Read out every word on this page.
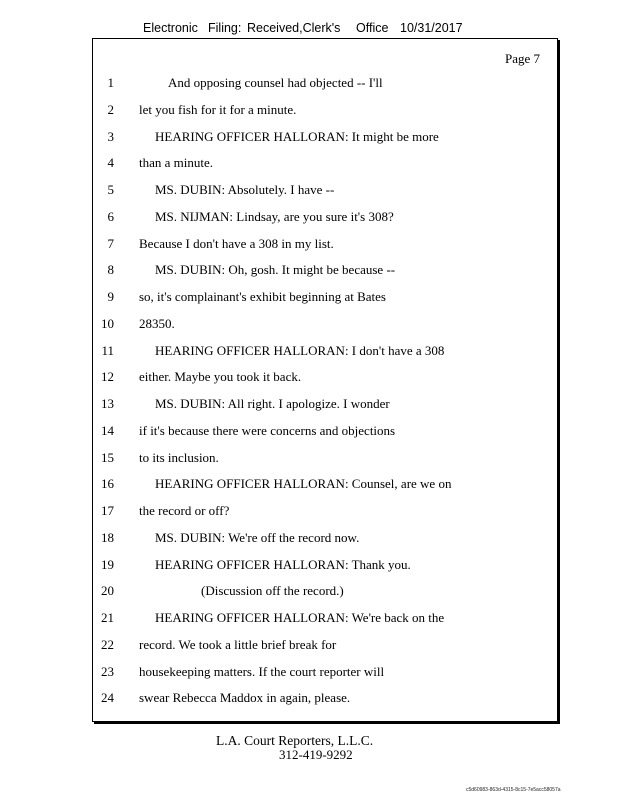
Electronic Filing: Received,Clerk's Office 10/31/2017
Page 7
1	And opposing counsel had objected -- I'll
2 let you fish for it for a minute.
3	HEARING OFFICER HALLORAN: It might be more
4 than a minute.
5	MS. DUBIN: Absolutely. I have --
6	MS. NIJMAN: Lindsay, are you sure it's 308?
7 Because I don't have a 308 in my list.
8	MS. DUBIN: Oh, gosh. It might be because --
9 so, it's complainant's exhibit beginning at Bates
10 28350.
11	HEARING OFFICER HALLORAN: I don't have a 308
12 either. Maybe you took it back.
13	MS. DUBIN: All right. I apologize. I wonder
14 if it's because there were concerns and objections
15 to its inclusion.
16	HEARING OFFICER HALLORAN: Counsel, are we on
17 the record or off?
18	MS. DUBIN: We're off the record now.
19	HEARING OFFICER HALLORAN: Thank you.
20	(Discussion off the record.)
21	HEARING OFFICER HALLORAN: We're back on the
22 record. We took a little brief break for
23 housekeeping matters. If the court reporter will
24 swear Rebecca Maddox in again, please.
L.A. Court Reporters, L.L.C.
312-419-9292
c5d60983-863d-4315-8c15-7e5acc58057a
